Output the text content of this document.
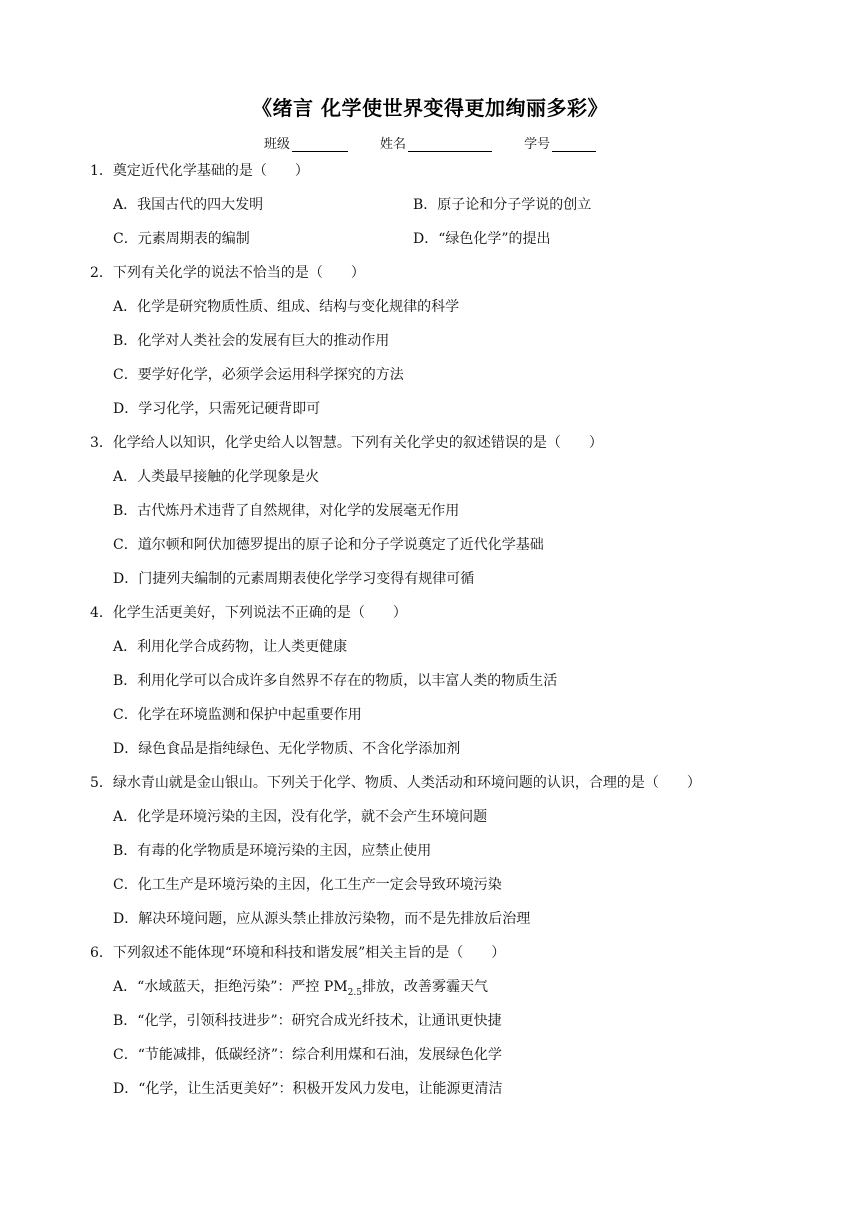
《绪言 化学使世界变得更加绚丽多彩》
班级	姓名	学号
1．奠定近代化学基础的是（　　）
A．我国古代的四大发明	B．原子论和分子学说的创立
C．元素周期表的编制	D．“绿色化学”的提出
2．下列有关化学的说法不恰当的是（　　）
A．化学是研究物质性质、组成、结构与变化规律的科学
B．化学对人类社会的发展有巨大的推动作用
C．要学好化学，必须学会运用科学探究的方法
D．学习化学，只需死记硬背即可
3．化学给人以知识，化学史给人以智慧。下列有关化学史的叙述错误的是（　　）
A．人类最早接触的化学现象是火
B．古代炼丹术违背了自然规律，对化学的发展毫无作用
C．道尔顿和阿伏加德罗提出的原子论和分子学说奠定了近代化学基础
D．门捷列夫编制的元素周期表使化学学习变得有规律可循
4．化学生活更美好，下列说法不正确的是（　　）
A．利用化学合成药物，让人类更健康
B．利用化学可以合成许多自然界不存在的物质，以丰富人类的物质生活
C．化学在环境监测和保护中起重要作用
D．绿色食品是指纯绿色、无化学物质、不含化学添加剂
5．绿水青山就是金山银山。下列关于化学、物质、人类活动和环境问题的认识，合理的是（　　）
A．化学是环境污染的主因，没有化学，就不会产生环境问题
B．有毒的化学物质是环境污染的主因，应禁止使用
C．化工生产是环境污染的主因，化工生产一定会导致环境污染
D．解决环境问题，应从源头禁止排放污染物，而不是先排放后治理
6．下列叙述不能体现“环境和科技和谐发展”相关主旨的是（　　）
A．“水域蓝天，拒绝污染”：严控 $PM_{2.5}$排放，改善雾霾天气
B．“化学，引领科技进步”：研究合成光纤技术，让通讯更快捷
C．“节能减排，低碳经济”：综合利用煤和石油，发展绿色化学
D．“化学，让生活更美好”：积极开发风力发电，让能源更清洁
